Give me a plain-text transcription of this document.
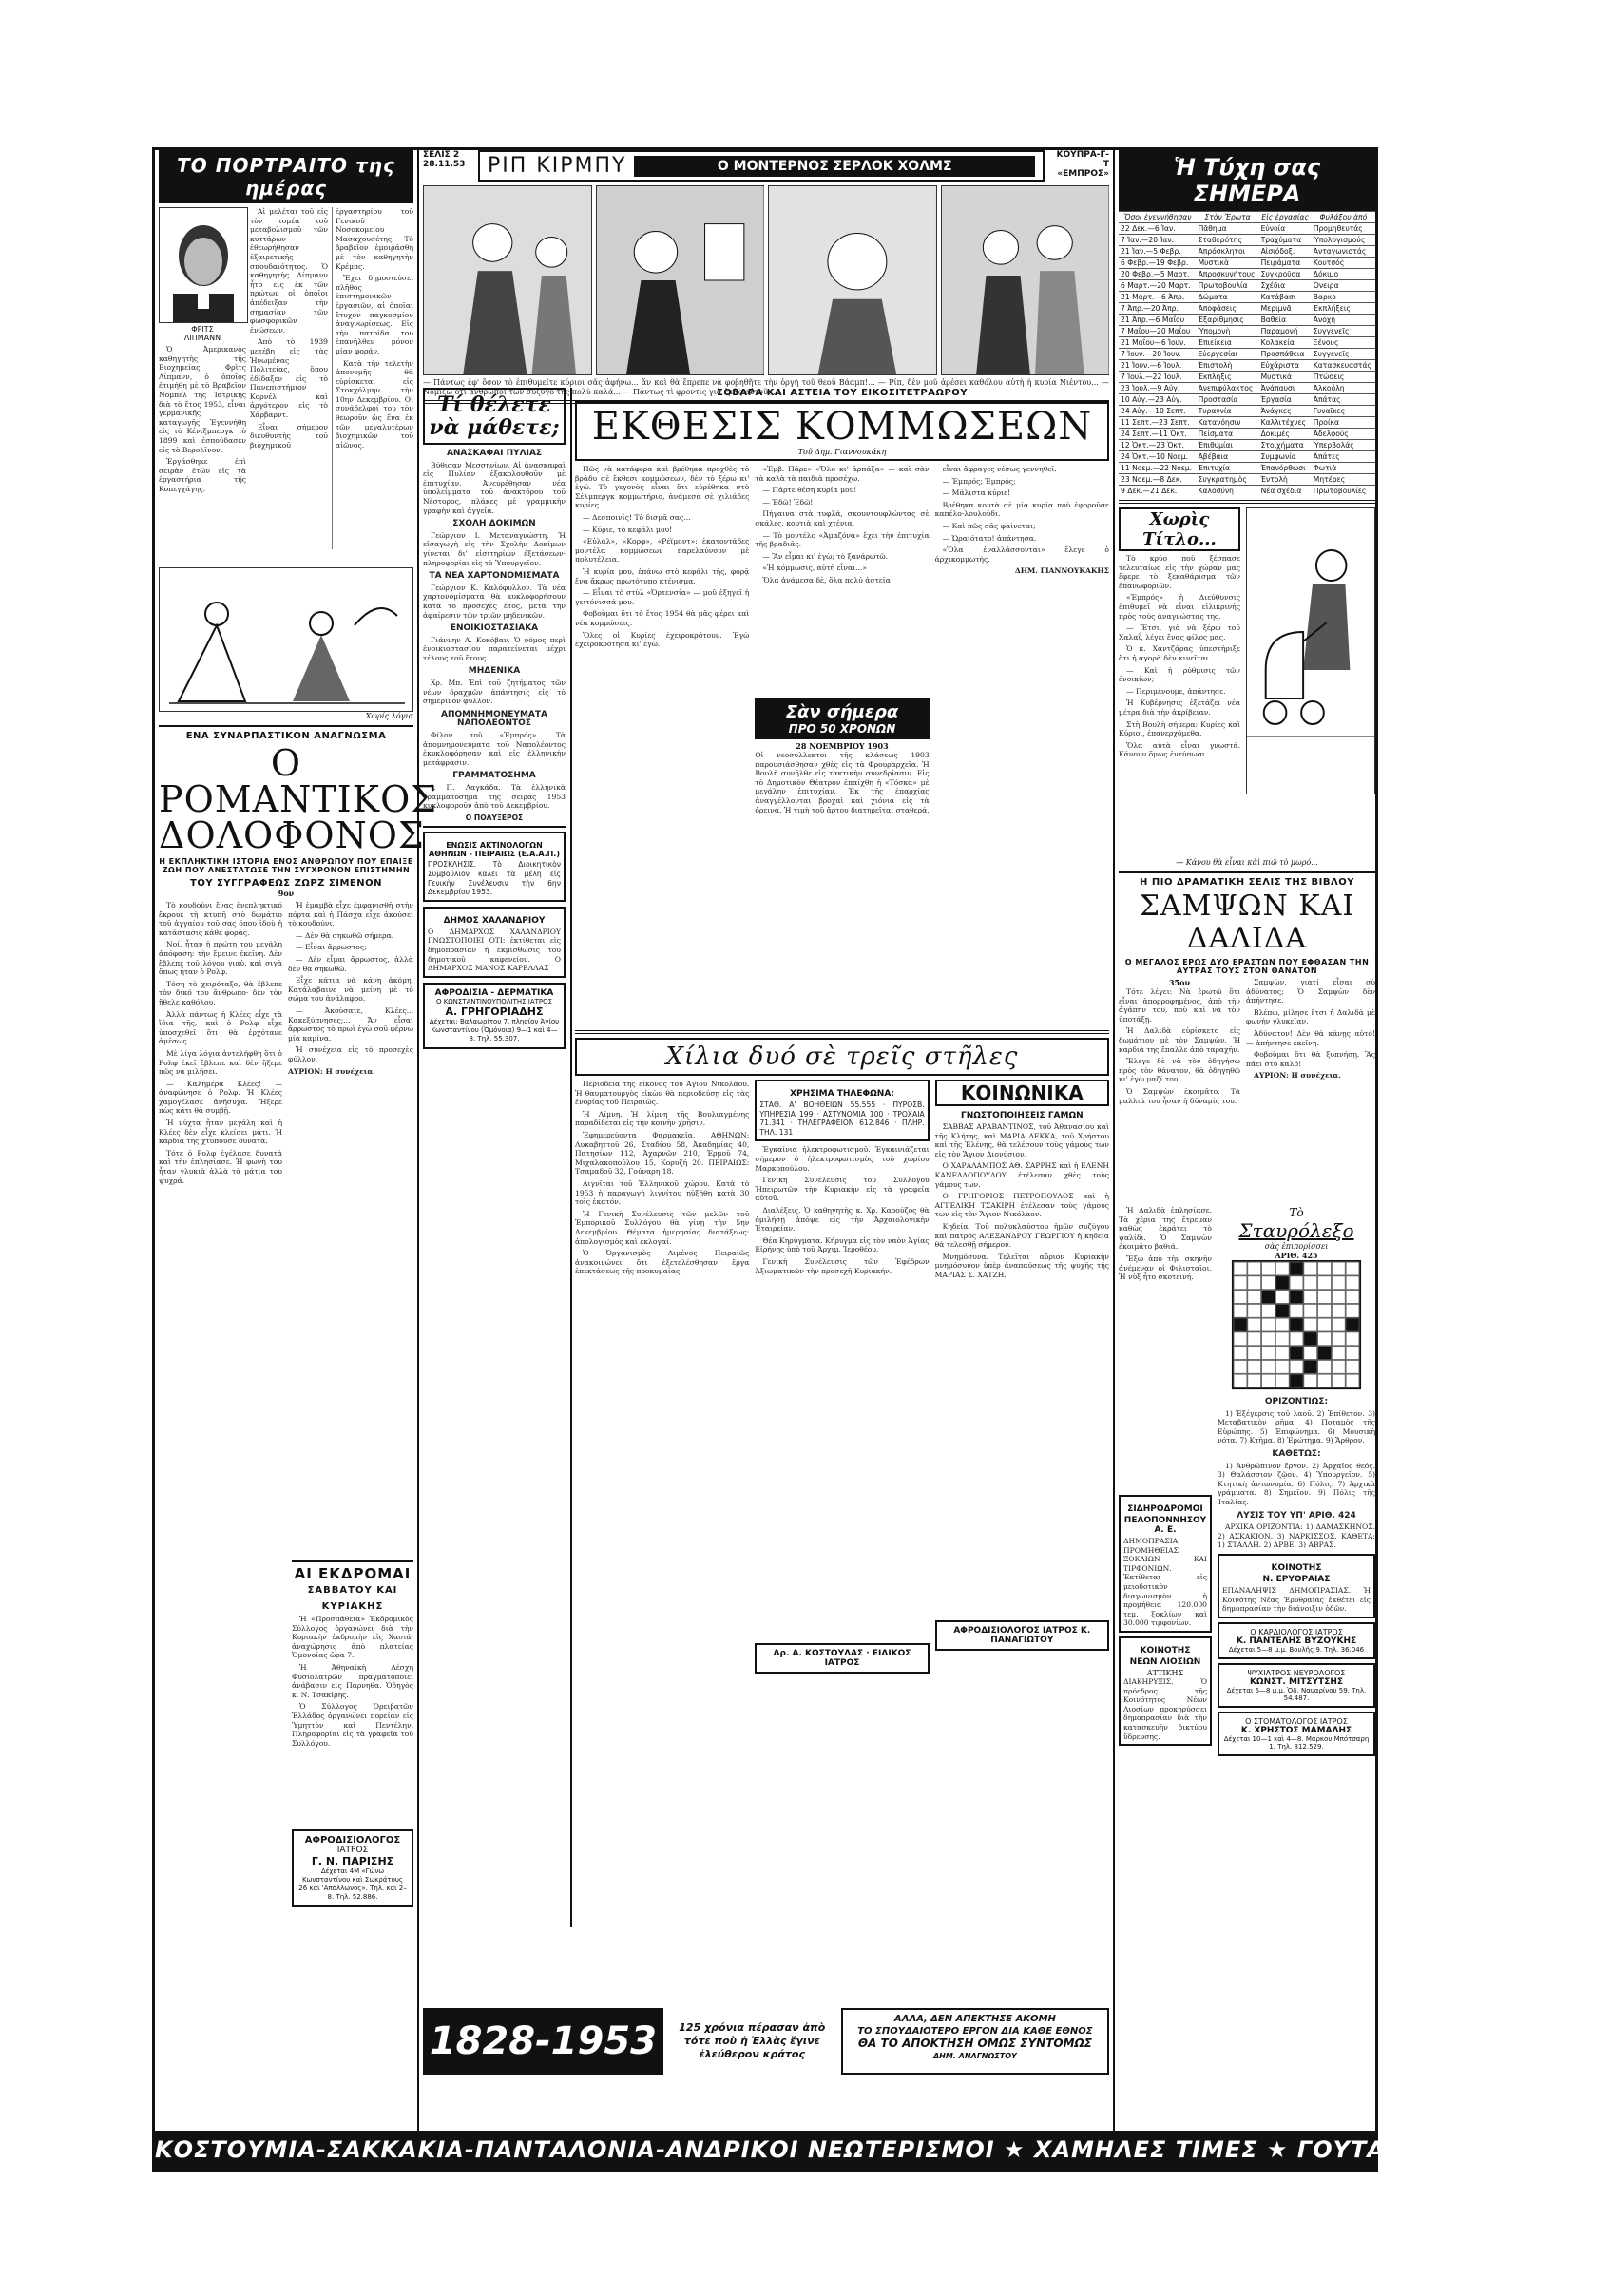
ΤΟ ΠΟΡΤΡΑΙΤΟ της ημέρας
ΦΡΙΤΣ
ΛΙΠΜΑΝΝ

Ὁ Ἀμερικανὸς καθηγητὴς τῆς Βιοχημείας Φρὶτς Λίπμανν, ὁ ὁποῖος ἐτιμήθη μὲ τὸ Βραβεῖον Νόμπελ τῆς Ἰατρικῆς διὰ τὸ ἔτος 1953, εἶναι γερμανικῆς καταγωγῆς. Ἐγεννήθη εἰς τὸ Κένιξμπεργκ τὸ 1899 καὶ ἐσπούδασεν εἰς τὸ Βερολῖνον.

Ἐργάσθηκε ἐπὶ σειρὰν ἐτῶν εἰς τὰ ἐργαστήρια τῆς Κοπεγχάγης.

Αἱ μελέται τοῦ εἰς τὸν τομέα τοῦ μεταβολισμοῦ τῶν κυττάρων ἐθεωρήθησαν ἐξαιρετικῆς σπουδαιότητος. Ὁ καθηγητὴς Λίπμανν ἦτο εἰς ἐκ τῶν πρώτων οἱ ὁποῖοι ἀπέδειξαν τὴν σημασίαν τῶν φωσφορικῶν ἑνώσεων.

Ἀπὸ τὸ 1939 μετέβη εἰς τὰς Ἡνωμένας Πολιτείας, ὅπου ἐδίδαξεν εἰς τὸ Πανεπιστήμιον Κορνέλ καὶ ἀργότερον εἰς τὸ Χάρβαρντ.

Εἶναι σήμερον διευθυντὴς τοῦ βιοχημικοῦ ἐργαστηρίου τοῦ Γενικοῦ Νοσοκομείου Μασαχουσέτης. Τὸ βραβεῖον ἐμοιράσθη μὲ τὸν καθηγητὴν Κρέμπς.

Ἔχει δημοσιεύσει πλῆθος ἐπιστημονικῶν ἐργασιῶν, αἱ ὁποῖαι ἔτυχον παγκοσμίου ἀναγνωρίσεως. Εἰς τὴν πατρίδα του ἐπανῆλθεν μόνον μίαν φοράν.

Κατὰ τὴν τελετὴν ἀπονομῆς θὰ εὑρίσκεται εἰς Στοκχόλμην τὴν 10ην Δεκεμβρίου. Οἱ συνάδελφοί του τὸν θεωροῦν ὡς ἕνα ἐκ τῶν μεγαλυτέρων βιοχημικῶν τοῦ αἰῶνος.

Χωρίς λόγια
ΕΝΑ ΣΥΝΑΡΠΑΣΤΙΚΟΝ ΑΝΑΓΝΩΣΜΑ
Ο ΡΟΜΑΝΤΙΚΟΣ
ΔΟΛΟΦΟΝΟΣ
Η ΕΚΠΛΗΚΤΙΚΗ ΙΣΤΟΡΙΑ ΕΝΟΣ ΑΝΘΡΩΠΟΥ ΠΟΥ ΕΠΑΙΞΕ ΖΩΗ ΠΟΥ ΑΝΕΣΤΑΤΩΣΕ ΤΗΝ ΣΥΓΧΡΟΝΟΝ ΕΠΙΣΤΗΜΗΝ
ΤΟΥ ΣΥΓΓΡΑΦΕΩΣ ΖΩΡΖ ΣΙΜΕΝΟΝ
9ον

Τὸ κουδούνι ἔνας ἐνεπληκτικό ἔκρουε τὴ κτυπῆ στὸ δωμάτιο τοῦ ἀγγαίου τοῦ σας ὅπου ἰδοὺ ἡ κατάστασις κάθε φορὰς.

Νοί, ἦταν ἡ πρώτη του μεγάλη ἀπόφαση: τὴν ἔμεινε ἐκεῖνη. Δὲν ἔβλεπε τοῦ λόγου γιαὐ, καὶ σιγὰ ὅπως ἦταν ὁ Ρολφ.

Τόση τὸ χειρόταξο, θὰ ἔβλεπε τὸν δικό του ἄνθρωπο· δὲν τὸν ἤθελε καθόλου.

Ἀλλὰ πάντως ἡ Κλέες εἶχε τὰ ἴδια τῆς, καὶ ὁ Ρολφ εἶχε ὑποσχεθεῖ ὅτι θὰ ἐρχότανε ἀμέσως.

Μὲ λίγα λόγια ἀντελήφθη ὅτι ὁ Ρολφ ἐκεῖ ἔβλεπε καὶ δὲν ἤξερε πῶς νὰ μιλήσει.

— Καλημέρα Κλέες! — ἀναφώνησε ὁ Ρολφ. Ἡ Κλέες χαμογέλασε ἀνήσυχα. Ἤξερε πὼς κάτι θὰ συμβῇ.

Ἡ νύχτα ἦταν μεγάλη καὶ ἡ Κλέες δὲν εἶχε κλείσει μάτι. Ἡ καρδιὰ της χτυποῦσε δυνατά.

Τότε ὁ Ρολφ ἐγέλασε δυνατά καὶ τὴν ἐπλησίασε. Ἡ φωνὴ του ἦταν γλυκιὰ ἀλλὰ τὰ μάτια του ψυχρά.

Ἡ ἐμαμβὰ εἶχε ἐμφανισθῆ στὴν πόρτα καὶ ἡ Πάσχα εἶχε ἀκούσει τὸ κουδούνι.

— Δὲν θὰ σηκωθῶ σήμερα.

— Εἶναι ἄρρωστος;

— Δὲν εἶμαι ἄρρωστος, ἀλλὰ δὲν θὰ σηκωθῶ.

Εἶχε κάτια νὰ κάνη ἀκόμη. Κατάλαβαινε νὰ μείνη μὲ τὸ σώμα του ἀνάλαφρο.

— Ἀκούσατε, Κλέες... Κακεξύπνησες;... Ἄν εἶσαι ἄρρωστος τὸ πρωὶ ἐγὼ σοῦ φέρνω μία καμίνα.

Ἡ συνέχεια εἰς τὸ προσεχὲς φύλλον.

ΑΥΡΙΟΝ: Η συνέχεια.

ΑΙ ΕΚΔΡΟΜΑΙ
ΣΑΒΒΑΤΟΥ ΚΑΙ ΚΥΡΙΑΚΗΣ

Ἡ «Προσπάθεια» Ἐκδρομικὸς Σύλλογος ὀργανώνει διὰ τὴν Κυριακὴν ἐκδρομὴν εἰς Χασιά· ἀναχώρησις ἀπὸ πλατείας Ὁμονοίας ὥρα 7.

Ἡ Ἀθηναϊκὴ Λέσχη Φυσιολατρῶν πραγματοποιεῖ ἀνάβασιν εἰς Πάρνηθα. Ὁδηγὸς κ. Ν. Τσακίρης.

Ὁ Σύλλογος Ὁρειβατῶν Ἑλλάδος ὀργανώνει πορείαν εἰς Ὑμηττὸν καὶ Πεντέλην. Πληροφορίαι εἰς τὰ γραφεῖα τοῦ Συλλόγου.

ΑΦΡΟΔΙΣΙΟΛΟΓΟΣ
ΙΑΤΡΟΣ
Γ. Ν. ΠΑΡΙΣΗΣ
Δέχεται 4Μ «Γώνω Κωνσταντίνου καὶ Σωκράτους 26 καὶ 'Απόλλωνος». Τηλ. καὶ 2–8. Τηλ. 52.886.
ΣΕΛΙΣ 2
28.11.53 ΡΙΠ ΚΙΡΜΠΥ	Ο ΜΟΝΤΕΡΝΟΣ ΣΕΡΛΟΚ ΧΟΛΜΣ
ΚΟΥΠΡΑ-Γ-Τ
«ΕΜΠΡΟΣ»
— Πάντως ἐφ' ὅσον τὸ ἐπιθυμεῖτε κύριοι σᾶς ἀφήνω... ἄν καὶ θὰ ἔπρεπε νὰ φοβηθῆτε τὴν ὀργὴ τοῦ θεοῦ Βάαμπ!... — Ρίπ, δὲν μοῦ ἀρέσει καθόλου αὐτὴ ἡ κυρία Νιέντου... — Νομίζω ὅτι ἄνθρωποι τῶν σύζυγο τῆς πολὺ καλά... — Πάντως τὶ φροντὶς γιὰ ἐμᾶς αὐτοῦ...
Τί θέλετε νὰ μάθετε;
ΑΝΑΣΚΑΦΑΙ ΠΥΛΙΑΣ

Βύθισαν Μεσσηνίων. Αἱ ἀνασκαφαὶ εἰς Πυλίαν ἐξακολουθοῦν μὲ ἐπιτυχίαν. Ἀνευρέθησαν νέα ὑπολείμματα τοῦ ἀνακτόρου τοῦ Νέστορος, πλάκες μὲ γραμμικὴν γραφὴν καὶ ἀγγεῖα.

ΣΧΟΛΗ ΔΟΚΙΜΩΝ

Γεώργιον Ι. Μεταναγνώστη. Ἡ εἰσαγωγὴ εἰς τὴν Σχολὴν Δοκίμων γίνεται δι' εἰσιτηρίων ἐξετάσεων· πληροφορίαι εἰς τὸ Ὑπουργεῖον.

ΤΑ ΝΕΑ ΧΑΡΤΟΝΟΜΙΣΜΑΤΑ

Γεώργιον Κ. Καλόφυλλον. Τὰ νέα χαρτονομίσματα θὰ κυκλοφορήσουν κατὰ τὸ προσεχὲς ἔτος, μετὰ τὴν ἀφαίρεσιν τῶν τριῶν μηδενικῶν.

ΕΝΟΙΚΙΟΣΤΑΣΙΑΚΑ

Γιάννην Α. Κοκόβαν. Ὁ νόμος περὶ ἐνοικιοστασίου παρατείνεται μέχρι τέλους τοῦ ἔτους.

ΜΗΔΕΝΙΚΑ

Χρ. Μπ. Ἐπὶ τοῦ ζητήματος τῶν νέων δραχμῶν ἀπάντησις εἰς τὸ σημερινὸν φύλλον.

ΑΠΟΜΝΗΜΟΝΕΥΜΑΤΑ ΝΑΠΟΛΕΟΝΤΟΣ

Φίλον τοῦ «Ἐμπρός». Τὰ ἀπομνημονεύματα τοῦ Ναπολέοντος ἐκυκλοφόρησαν καὶ εἰς ἑλληνικὴν μετάφρασιν.

ΓΡΑΜΜΑΤΟΣΗΜΑ

Ι. Π. Λαγκάδα. Τὰ ἑλληνικὰ γραμματόσημα τῆς σειρᾶς 1953 κυκλοφοροῦν ἀπὸ τοῦ Δεκεμβρίου.

Ο ΠΟΛΥΞΕΡΟΣ
ΕΝΩΣΙΣ ΑΚΤΙΝΟΛΟΓΩΝ ΑΘΗΝΩΝ - ΠΕΙΡΑΙΩΣ (Ε.Α.Α.Π.)
ΠΡΟΣΚΛΗΣΙΣ. Τὸ Διοικητικὸν Συμβούλιον καλεῖ τὰ μέλη εἰς Γενικὴν Συνέλευσιν τὴν 6ην Δεκεμβρίου 1953.
ΔΗΜΟΣ ΧΑΛΑΝΔΡΙΟΥ
Ο ΔΗΜΑΡΧΟΣ ΧΑΛΑΝΔΡΙΟΥ ΓΝΩΣΤΟΠΟΙΕΙ ΟΤΙ: ἐκτίθεται εἰς δημοπρασίαν ἡ ἐκμίσθωσις τοῦ δημοτικοῦ καφενείου. Ο ΔΗΜΑΡΧΟΣ ΜΑΝΟΣ ΚΑΡΕΛΛΑΣ
ΑΦΡΟΔΙΣΙΑ - ΔΕΡΜΑΤΙΚΑ
Ο ΚΩΝΣΤΑΝΤΙΝΟΥΠΟΛΙΤΗΣ ΙΑΤΡΟΣ
Α. ΓΡΗΓΟΡΙΑΔΗΣ
Δέχεται: Βαλαωρίτου 7, πλησίον Ἀγίου Κωνσταντίνου (Ὁμόνοια) 9—1 καὶ 4—8. Τηλ. 55.307.
ΣΟΒΑΡΑ ΚΑΙ ΑΣΤΕΙΑ ΤΟΥ ΕΙΚΟΣΙΤΕΤΡΑΩΡΟΥ
ΕΚΘΕΣΙΣ ΚΟΜΜΩΣΕΩΝ
Τοῦ Δημ. Γιαννουκάκη

Πῶς νὰ κατάφερα καὶ βρέθηκα προχθὲς τὸ βράδυ σὲ ἔκθεσι κομμώσεων, δὲν τὸ ξέρω κι' ἐγώ. Τὸ γεγονὸς εἶναι ὅτι εὑρέθηκα στὸ Σέλμπεργκ κομμωτήριο, ἀνάμεσα σὲ χιλιάδες κυρίες.

— Δεσποινίς! Τὸ δισμᾶ σας...

— Κύριε, τὸ κεφάλι μου!

«Εὐλάλ», «Κορφ», «Ρέϊμοντ»: ἑκατοντάδες μοντέλα κομμώσεων παρελαύνουν μὲ πολυτέλεια.

Ἡ κυρία μου, ἐπάνω στὸ κεφάλι τῆς, φορᾷ ἔνα ἄκρως πρωτότυπο κτένισμα.

— Εἶναι τὸ στὺλ «Ὀρτενσία» — μοῦ ἐξηγεῖ ἡ γειτόνισσά μου.

Φοβοῦμαι ὅτι τὸ ἔτος 1954 θὰ μᾶς φέρει καὶ νέα κομμώσεις.

Ὅλες οἱ Κυρίες ἐχειροκρότουν. Ἐγὼ ἐχειροκρότησα κι' ἐγὼ.

«Ἐμβ. Πάρε» «Ὄλο κι' ἀρπάξα» — καὶ σὰν τὰ καλὰ τὰ παιδιὰ προσέχω.

— Πάρτε θέση κυρία μου!

— Ἐδῶ! Ἐδῶ!

Πήγαινα στὰ τυφλά, σκουντουφλώντας σὲ σκάλες, κουτιὰ καὶ χτένια.

— Τὸ μοντέλο «Ἀμαζόνα» ἔχει τὴν ἐπιτυχία τῆς βραδιᾶς.

— Ἂν εἶμαι κι' ἐγὼ; τὸ ξανάρωτῶ.

«Ἡ κόμμωσις, αὐτὴ εἶναι...»

Ὅλα ἀνάμεσα δὲ, ὅλα πολύ ἀστεῖα!

Σὰν σήμερα
ΠΡΟ 50 ΧΡΟΝΩΝ
28 ΝΟΕΜΒΡΙΟΥ 1903
Οἱ νεοσύλλεκτοι τῆς κλάσεως 1903 παρουσιάσθησαν χθὲς εἰς τὰ Φρουραρχεῖα. Ἡ Βουλὴ συνῆλθε εἰς τακτικὴν συνεδρίασιν. Εἰς τὸ Δημοτικὸν Θέατρον ἐπαίχθη ἡ «Τόσκα» μὲ μεγάλην ἐπιτυχίαν. Ἐκ τῆς ἐπαρχίας ἀναγγέλλονται βροχαὶ καὶ χιόνια εἰς τὰ ὀρεινά. Ἡ τιμὴ τοῦ ἄρτου διατηρεῖται σταθερά.

εἶναι ἄφραγες νέσως γεννηθεῖ.

— Ἐμπρός; Ἐμπρός;

— Μάλιστα κύριε!

Βρέθηκα κοντὰ σὲ μία κυρία ποὺ ἐφοροῦσε καπέλο-λουλούδι.

— Καὶ πῶς σᾶς φαίνεται;

— Ὡραιότατο! ἀπάντησα.

«Ὅλα ἐναλλάσσονται» ἔλεγε ὁ ἀρχικομμωτής.

ΔΗΜ. ΓΙΑΝΝΟΥΚΑΚΗΣ

Χίλια δυό σὲ τρεῖς στῆλες

Περιοδεία τῆς εἰκόνος τοῦ Ἀγίου Νικολάου. Ἡ θαυματουργὸς εἰκὼν θὰ περιοδεύσῃ εἰς τὰς ἐνορίας τοῦ Πειραιῶς.

Ἡ Λίμνη. Ἡ λίμνη τῆς Βουλιαγμένης παραδίδεται εἰς τὴν κοινὴν χρῆσιν.

Ἐφημερεύοντα Φαρμακεῖα. ΑΘΗΝΩΝ: Λυκαβηττοῦ 26, Σταδίου 58, Ἀκαδημίας 40, Πατησίων 112, Ἀχαρνῶν 210, Ἑρμοῦ 74, Μιχαλακοπούλου 15, Κορυζή 20. ΠΕΙΡΑΙΩΣ: Τσαμαδοῦ 32, Γούναρη 18.

Λιγνῖται τοῦ Ἑλληνικοῦ χώρου. Κατὰ τὸ 1953 ἡ παραγωγὴ λιγνίτου ηὐξήθη κατὰ 30 τοῖς ἑκατόν.

Ἡ Γενικὴ Συνέλευσις τῶν μελῶν τοῦ Ἐμπορικοῦ Συλλόγου θὰ γίνῃ τὴν 5ην Δεκεμβρίου. Θέματα ἡμερησίας διατάξεως: ἀπολογισμὸς καὶ ἐκλογαί.

Ὁ Ὀργανισμὸς Λιμένος Πειραιῶς ἀνακοινώνει ὅτι ἐξετελέσθησαν ἔργα ἐπεκτάσεως τῆς προκυμαίας.

ΧΡΗΣΙΜΑ ΤΗΛΕΦΩΝΑ:
ΣΤΑΘ. Α' ΒΟΗΘΕΙΩΝ 55.555 · ΠΥΡΟΣΒ. ΥΠΗΡΕΣΙΑ 199 · ΑΣΤΥΝΟΜΙΑ 100 · ΤΡΟΧΑΙΑ 71.341 · ΤΗΛΕΓΡΑΦΕΙΟΝ 612.846 · ΠΛΗΡ. ΤΗΛ. 131

Ἐγκαίνια ἠλεκτροφωτισμοῦ. Ἐγκαινιάζεται σήμερον ὁ ἠλεκτροφωτισμὸς τοῦ χωρίου Μαρκοπούλου.

Γενικὴ Συνέλευσις τοῦ Συλλόγου Ἠπειρωτῶν τὴν Κυριακὴν εἰς τὰ γραφεῖα αὐτοῦ.

Διαλέξεις. Ὁ καθηγητὴς κ. Χρ. Καρούζος θὰ ὁμιλήσῃ ἀπόψε εἰς τὴν Ἀρχαιολογικὴν Ἑταιρείαν.

Θέα Κηρύγματα. Κήρυγμα εἰς τὸν ναὸν Ἁγίας Εἰρήνης ὑπὸ τοῦ Ἀρχιμ. Ἱεροθέου.

Γενικὴ Συνέλευσις τῶν Ἐφέδρων Ἀξιωματικῶν τὴν προσεχῆ Κυριακήν.

Δρ. Α. ΚΩΣΤΟΥΛΑΣ · ΕΙΔΙΚΟΣ ΙΑΤΡΟΣ
ΚΟΙΝΩΝΙΚΑ
ΓΝΩΣΤΟΠΟΙΗΣΕΙΣ ΓΑΜΩΝ

ΣΑΒΒΑΣ ΑΡΑΒΑΝΤΙΝΟΣ, τοῦ Ἀθανασίου καὶ τῆς Κλήτης, καὶ ΜΑΡΙΑ ΛΕΚΚΑ, τοῦ Χρήστου καὶ τῆς Ἑλένης, θὰ τελέσουν τοὺς γάμους των εἰς τὸν Ἅγιον Διονύσιον.

Ο ΧΑΡΑΛΑΜΠΟΣ ΑΘ. ΣΑΡΡΗΣ καὶ ἡ ΕΛΕΝΗ ΚΑΝΕΛΛΟΠΟΥΛΟΥ ἐτέλεσαν χθὲς τοὺς γάμους των.

Ο ΓΡΗΓΟΡΙΟΣ ΠΕΤΡΟΠΟΥΛΟΣ καὶ ἡ ΑΓΓΕΛΙΚΗ ΤΣΑΚΙΡΗ ἐτέλεσαν τοὺς γάμους των εἰς τὸν Ἅγιον Νικόλαον.

Κηδεία. Τοῦ πολυκλαύστου ἡμῶν συζύγου καὶ πατρὸς ΑΛΕΞΑΝΔΡΟΥ ΓΕΩΡΓΙΟΥ ἡ κηδεία θὰ τελεσθῇ σήμερον.

Μνημόσυνα. Τελεῖται αὔριον Κυριακὴν μνημόσυνον ὑπὲρ ἀναπαύσεως τῆς ψυχῆς τῆς ΜΑΡΙΑΣ Σ. ΧΑΤΖΗ.

ΑΦΡΟΔΙΣΙΟΛΟΓΟΣ ΙΑΤΡΟΣ Κ. ΠΑΝΑΓΙΩΤΟΥ
Ἡ Τύχη σας ΣΗΜΕΡΑ
Ὅσοι ἐγεννήθησαν	Στὸν Ἔρωτα	Εἰς ἐργασίας	Φυλάξου ἀπό
22 Δεκ.—6 Ἰαν.	Πᾶθημα	Εὐνοία	Προμηθευτάς
7 Ἰαν.—20 Ἰαν.	Σταθερότης	Τραχύματα	Ὑπολογισμούς
21 Ἰαν.—5 Φεβρ.	Ἀπρόσκλητοι	Αἰσιόδοξ.	Ἀνταγωνιστάς
6 Φεβρ.—19 Φεβρ.	Μυστικὰ	Πειράματα	Κουτσός
20 Φεβρ.—5 Μαρτ.	Ἀπροσκυνήτους	Συγκροῦσα	Δόκιμο
6 Μαρτ.—20 Μαρτ.	Πρωτοβουλία	Σχέδια	Ὀνειρα
21 Μαρτ.—6 Ἀπρ.	Δώματα	Κατάβασι	Βαρκο
7 Ἀπρ.—20 Ἀπρ.	Ἀποφάσεις	Μεριμνᾶ	Ἐκπλήξεις
21 Ἀπρ.—6 Μαΐου	Ἐξαρίθμησις	Βαθεία	Ἀνοχὴ
7 Μαΐου—20 Μαΐου	Ὑπομονὴ	Παραμονή	Συγγενεῖς
21 Μαΐου—6 Ἰουν.	Ἐπιείκεια	Κολακεία	Ξένους
7 Ἰουν.—20 Ἰουν.	Εὐεργεσίαι	Προσπάθεια	Συγγενεῖς
21 Ἰουν.—6 Ἰουλ.	Ἐπιστολὴ	Εὐχάριστα	Κατασκευαστάς
7 Ἰουλ.—22 Ἰουλ.	Ἐκπληξις	Μυστικὰ	Πτώσεις
23 Ἰουλ.—9 Αὐγ.	Ἀνεπιφύλακτος	Ἀνάπαυσι	Ἀλκοόλη
10 Αὐγ.—23 Αὐγ.	Προστασία	Ἐργασία	Ἀπάτας
24 Αὐγ.—10 Σεπτ.	Τυραννία	Ἀνάγκες	Γυναῖκες
11 Σεπτ.—23 Σεπτ.	Κατανόησιν	Καλλιτέχνες	Προίκα
24 Σεπτ.—11 Ὀκτ.	Πείσματα	Δοκιμές	Ἀδελφούς
12 Ὀκτ.—23 Ὀκτ.	Ἐπιθυμίαι	Στοιχήματα	Ὑπερβολάς
24 Ὀκτ.—10 Νοεμ.	Ἀβέβαια	Συμφωνία	Ἀπάτες
11 Νοεμ.—22 Νοεμ.	Ἐπιτυχία	Ἐπανόρθωσι	Φωτιὰ
23 Νοεμ.—8 Δεκ.	Συγκρατημὸς	Ἐντολὴ	Μητέρες
9 Δεκ.—21 Δεκ.	Καλοσύνη	Νέα σχέδια	Πρωτοβουλίες
Χωρὶς Τίτλο...

Τὸ κρύο ποὺ ξέσπασε τελευταίως εἰς τὴν χώραν μας ἔφερε τὸ ξεκαθάρισμα τῶν ἐπανωφοριῶν.

«Ἐμπρός» ἡ Διεύθυνσις ἐπιθυμεῖ νὰ εἶναι εἰλικρινής πρὸς τοὺς ἀναγνώστας της.

— Ἔτσι, γιὰ νὰ ξέρω τοῦ Χαλαΐ, λέγει ἕνας φίλος μας.

Ὁ κ. Χαντζάρας ὑπεστήριξε ὅτι ἡ ἀγορὰ δὲν κινεῖται.

— Καὶ ἡ ρύθμισις τῶν ἐνοικίων;

— Περιμένουμε, ἀπάντησε.

Ἡ Κυβέρνησις ἐξετάζει νέα μέτρα διὰ τὴν ἀκρίβειαν.

Στὴ Βουλὴ σήμερα: Κυρίες καὶ Κύριοι, ἐπανερχόμεθα.

Ὅλα αὐτὰ εἶναι γνωστά. Κάνουν ὅμως ἐντύπωσι.

— Κάνου θὰ εἶναι κὰὶ πιῶ τὸ μωρό...
Η ΠΙΟ ΔΡΑΜΑΤΙΚΗ ΣΕΛΙΣ ΤΗΣ ΒΙΒΛΟΥ
ΣΑΜΨΩΝ ΚΑΙ ΔΑΛΙΔΑ
Ο ΜΕΓΑΛΟΣ ΕΡΩΣ ΔΥΟ ΕΡΑΣΤΩΝ ΠΟΥ ΕΦΘΑΣΑΝ ΤΗΝ ΑΥΤΡΑΣ ΤΟΥΣ ΣΤΟΝ ΘΑΝΑΤΟΝ
35ον

Τότε λέγει: Νὰ ἐρωτῶ ὅτι εἶναι ἀπορροφημένος, ἀπὸ τὴν ἀγάπην του, ποὺ καὶ νὰ τὸν ὑποτάξῃ.

Ἡ Δαλιδὰ εὑρίσκετο εἰς δωμάτιον μὲ τὸν Σαμψὼν. Ἡ καρδιὰ της ἔπαλλε ἀπὸ ταραχήν.

Ἔλεγε δὲ νὰ τὸν ὁδηγήσω πρὸς τὸν θάνατον, θὰ ὁδηγηθῶ κι' ἐγὼ μαζί του.

Ὁ Σαμψὼν ἐκοιμᾶτο. Τὰ μαλλιά του ἦσαν ἡ δύναμίς του.

Σαμψὼν, γιατί εἶσαι σὺ ἀδύνατος; Ὁ Σαμψὼν δὲν ἀπήντησε.

Βλέπω, μίλησε ἔτσι ἡ Δαλιδὰ μὲ φωνὴν γλυκεῖαν.

Ἀδύνατον! Δὲν θὰ κάνῃς αὐτό! — ἀπήντησε ἐκεῖνη.

Φοβοῦμαι ὅτι θὰ ξυπνήσῃ. Ἂς πάει στὸ καλό!

ΑΥΡΙΟΝ: Η συνέχεια.

Ἡ Δαλιδὰ ἐπλησίασε. Τὰ χέρια της ἔτρεμαν καθὼς ἐκράτει τὸ ψαλίδι. Ὁ Σαμψὼν ἐκοιμᾶτο βαθιά.

Ἔξω ἀπὸ τὴν σκηνὴν ἀνέμεναν οἱ Φιλισταῖοι. Ἡ νὺξ ἦτο σκοτεινή.

ΣΙΔΗΡΟΔΡΟΜΟΙ
ΠΕΛΟΠΟΝΝΗΣΟΥ Α. Ε.
ΔΗΜΟΠΡΑΣΙΑ ΠΡΟΜΗΘΕΙΑΣ ΞΟΚΛΙΩΝ ΚΑΙ ΤΙΡΦΟΝΙΩΝ. Ἐκτίθεται εἰς μειοδοτικὸν διαγωνισμὸν ἡ προμήθεια 120.000 τεμ. ξοκλίων καὶ 30.000 τιρφονίων.
ΚΟΙΝΟΤΗΣ
ΝΕΩΝ ΛΙΟΣΙΩΝ
ΑΤΤΙΚΗΣ
ΔΙΑΚΗΡΥΞΙΣ. Ὁ πρόεδρος τῆς Κοινότητος Νέων Λιοσίων προκηρύσσει δημοπρασίαν διὰ τὴν κατασκευὴν δικτύου ὕδρευσης.
Τὸ
Σταυρόλεξο
σὰς ἐπιπορίσσει
ΑΡΙΘ. 425
ΟΡΙΖΟΝΤΙΩΣ:

1) Ἐξέγερσις τοῦ λαοῦ. 2) Ἐπίθετον. 3) Μεταβατικὸν ρῆμα. 4) Ποταμὸς τῆς Εὐρώπης. 5) Ἐπιφώνημα. 6) Μουσικὴ νότα. 7) Κτῆμα. 8) Ἐρώτημα. 9) Ἄρθρον.

ΚΑΘΕΤΩΣ:

1) Ἀνθρώπινον ἔργον. 2) Ἀρχαῖος θεός. 3) Θαλάσσιον ζῷον. 4) Ὑπουργεῖον. 5) Κτητικὴ ἀντωνυμία. 6) Πόλις. 7) Ἀρχικὰ γράμματα. 8) Σημεῖον. 9) Πόλις τῆς Ἰταλίας.

ΛΥΣΙΣ ΤΟΥ ΥΠ' ΑΡΙΘ. 424

ΑΡΧΙΚΑ ΟΡΙΖΟΝΤΙΑ: 1) ΔΑΜΑΣΚΗΝΟΣ. 2) ΑΣΚΑΚΙΟΝ. 3) ΝΑΡΚΙΣΣΟΣ. ΚΑΘΕΤΑ: 1) ΣΤΑΛΛΗ. 2) ΑΡΒΕ. 3) ΑΒΡΑΣ.

ΚΟΙΝΟΤΗΣ
Ν. ΕΡΥΘΡΑΙΑΣ
ΕΠΑΝΑΛΗΨΙΣ ΔΗΜΟΠΡΑΣΙΑΣ. Ἡ Κοινότης Νέας Ἐρυθραίας ἐκθέτει εἰς δημοπρασίαν τὴν διάνοιξιν ὁδῶν.
Ο ΚΑΡΔΙΟΛΟΓΟΣ ΙΑΤΡΟΣ
Κ. ΠΑΝΤΕΛΗΣ ΒΥΖΟΥΚΗΣ
Δέχεται 5—8 μ.μ. Βουλῆς 9. Τηλ. 36.046
ΨΥΧΙΑΤΡΟΣ ΝΕΥΡΟΛΟΓΟΣ
ΚΩΝΣΤ. ΜΙΤΣΥΤΣΗΣ
Δέχεται 5—8 μ.μ. Ὁδ. Ναυαρίνου 59. Τηλ. 54.487.
Ο ΣΤΟΜΑΤΟΛΟΓΟΣ ΙΑΤΡΟΣ
Κ. ΧΡΗΣΤΟΣ ΜΑΜΑΛΗΣ
Δέχεται 10—1 καὶ 4—8. Μάρκου Μπότσαρη 1. Τηλ. 812.529.
1828-1953	125 χρόνια πέρασαν ἀπὸ τότε ποὺ ἡ Ἑλλὰς ἔγινε ἐλεύθερον κράτος
ΑΛΛΑ, ΔΕΝ ΑΠΕΚΤΗΣΕ ΑΚΟΜΗ
ΤΟ ΣΠΟΥΔΑΙΟΤΕΡΟ ΕΡΓΟΝ ΔΙΑ ΚΑΘΕ ΕΘΝΟΣ
ΘΑ ΤΟ ΑΠΟΚΤΗΣΗ ΟΜΩΣ ΣΥΝΤΟΜΩΣ
ΔΗΜ. ΑΝΑΓΝΩΣΤΟΥ
ΚΟΣΤΟΥΜΙΑ-ΣΑΚΚΑΚΙΑ-ΠΑΝΤΑΛΟΝΙΑ-ΑΝΔΡΙΚΟΙ ΝΕΩΤΕΡΙΣΜΟΙ ★ ΧΑΜΗΛΕΣ ΤΙΜΕΣ ★ ΓΟΥΤΑΚΗΣ-ΣΤΑΔΙΟΥ 49
